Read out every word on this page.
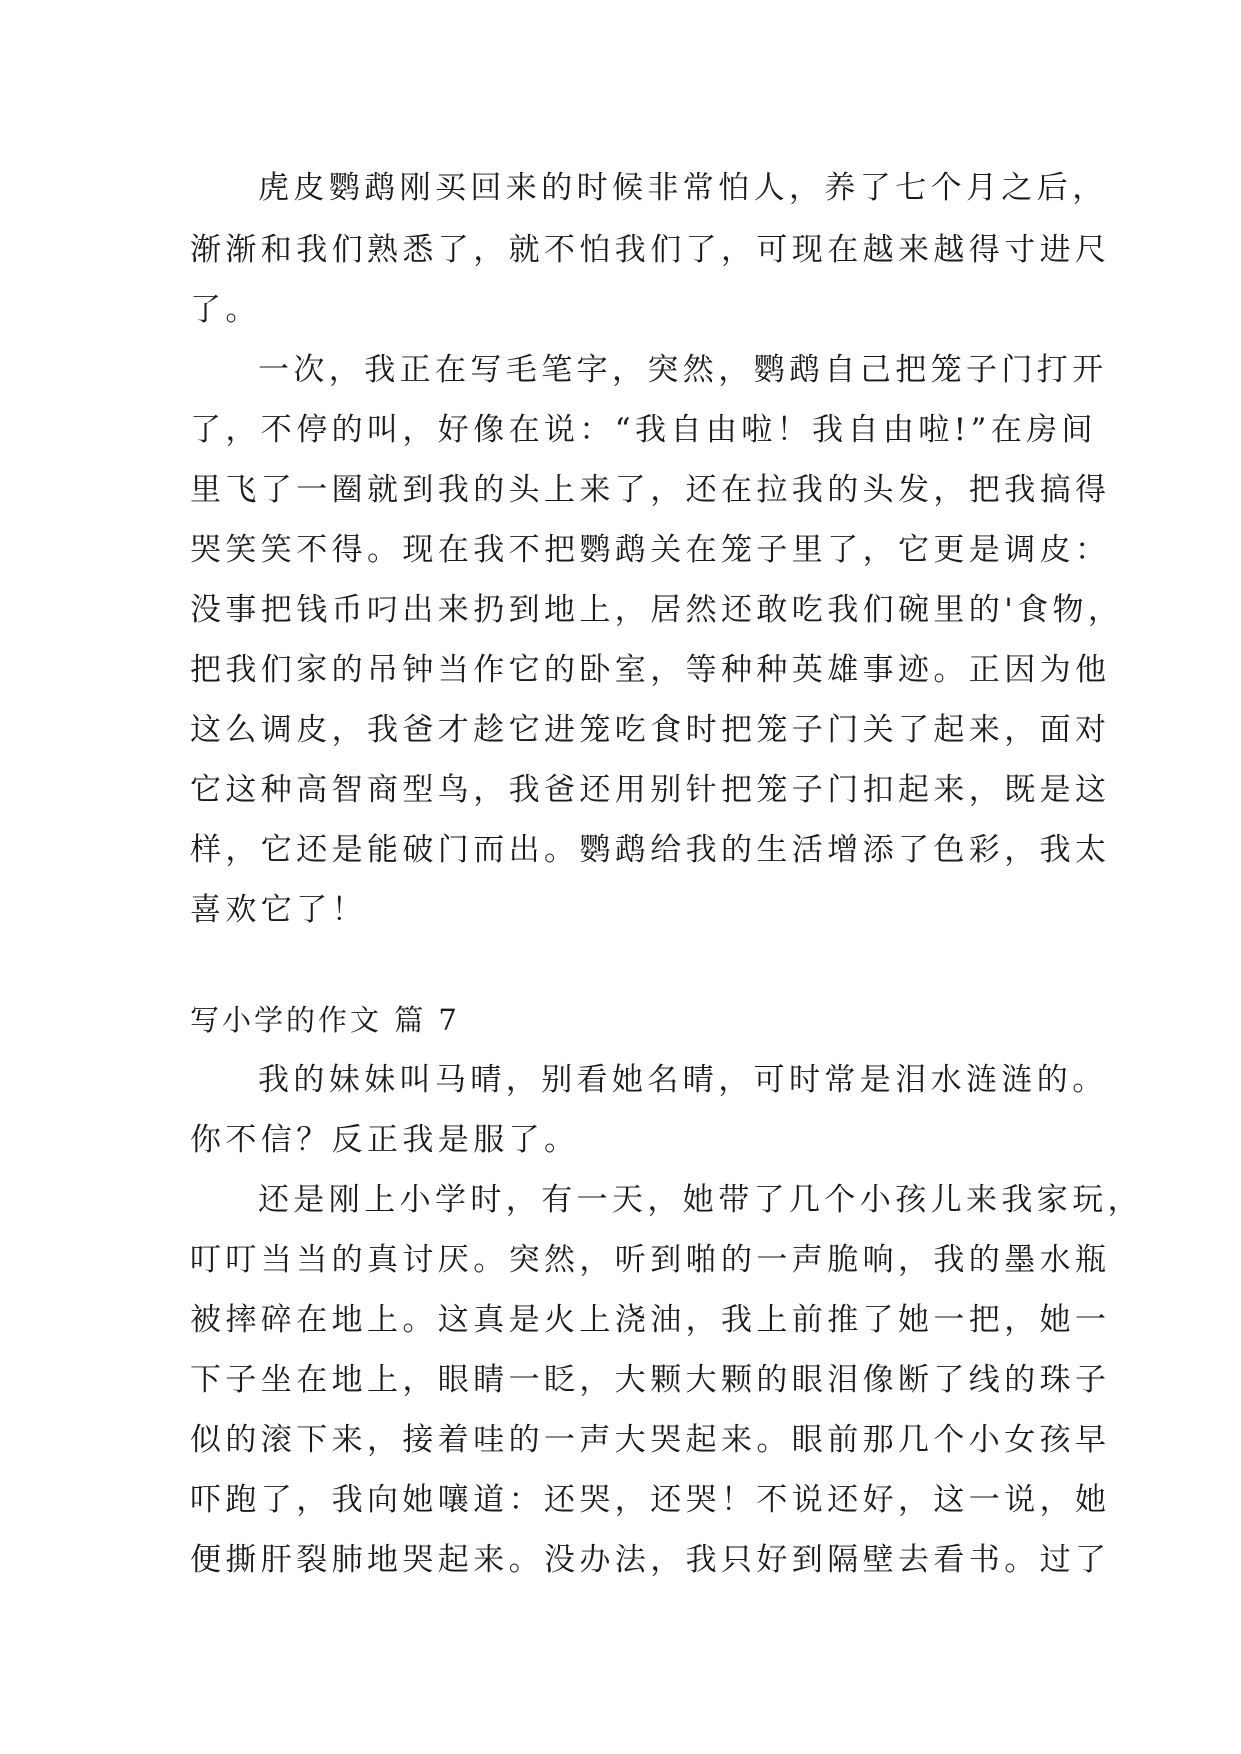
虎皮鹦鹉刚买回来的时候非常怕人，养了七个月之后，
渐渐和我们熟悉了，就不怕我们了，可现在越来越得寸进尺
了。
一次，我正在写毛笔字，突然，鹦鹉自己把笼子门打开
了，不停的叫，好像在说：“我自由啦！我自由啦!”在房间
里飞了一圈就到我的头上来了，还在拉我的头发，把我搞得
哭笑笑不得。现在我不把鹦鹉关在笼子里了，它更是调皮：
没事把钱币叼出来扔到地上，居然还敢吃我们碗里的'食物，
把我们家的吊钟当作它的卧室，等种种英雄事迹。正因为他
这么调皮，我爸才趁它进笼吃食时把笼子门关了起来，面对
它这种高智商型鸟，我爸还用别针把笼子门扣起来，既是这
样，它还是能破门而出。鹦鹉给我的生活增添了色彩，我太
喜欢它了！
写小学的作文 篇 7
我的妹妹叫马晴，别看她名晴，可时常是泪水涟涟的。
你不信？反正我是服了。
还是刚上小学时，有一天，她带了几个小孩儿来我家玩，
叮叮当当的真讨厌。突然，听到啪的一声脆响，我的墨水瓶
被摔碎在地上。这真是火上浇油，我上前推了她一把，她一
下子坐在地上，眼睛一眨，大颗大颗的眼泪像断了线的珠子
似的滚下来，接着哇的一声大哭起来。眼前那几个小女孩早
吓跑了，我向她嚷道：还哭，还哭！不说还好，这一说，她
便撕肝裂肺地哭起来。没办法，我只好到隔壁去看书。过了
